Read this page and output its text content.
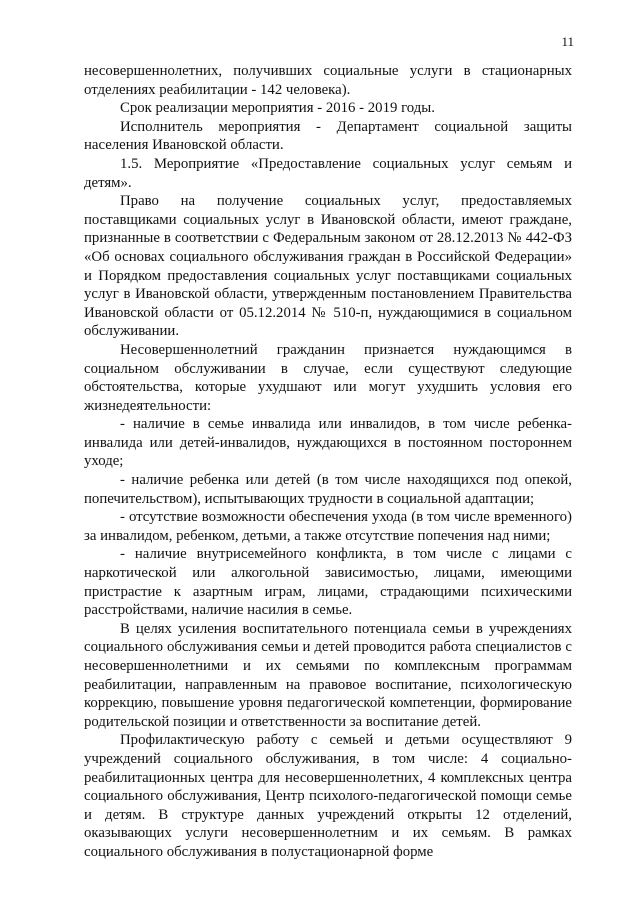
11

несовершеннолетних, получивших социальные услуги в стационарных отделениях реабилитации - 142 человека).

Срок реализации мероприятия - 2016 - 2019 годы.

Исполнитель мероприятия - Департамент социальной защиты населения Ивановской области.

1.5. Мероприятие «Предоставление социальных услуг семьям и детям».

Право на получение социальных услуг, предоставляемых поставщиками социальных услуг в Ивановской области, имеют граждане, признанные в соответствии с Федеральным законом от 28.12.2013 № 442-ФЗ «Об основах социального обслуживания граждан в Российской Федерации» и Порядком предоставления социальных услуг поставщиками социальных услуг в Ивановской области, утвержденным постановлением Правительства Ивановской области от 05.12.2014 № 510-п, нуждающимися в социальном обслуживании.

Несовершеннолетний гражданин признается нуждающимся в социальном обслуживании в случае, если существуют следующие обстоятельства, которые ухудшают или могут ухудшить условия его жизнедеятельности:

- наличие в семье инвалида или инвалидов, в том числе ребенка-инвалида или детей-инвалидов, нуждающихся в постоянном постороннем уходе;

- наличие ребенка или детей (в том числе находящихся под опекой, попечительством), испытывающих трудности в социальной адаптации;

- отсутствие возможности обеспечения ухода (в том числе временного) за инвалидом, ребенком, детьми, а также отсутствие попечения над ними;

- наличие внутрисемейного конфликта, в том числе с лицами с наркотической или алкогольной зависимостью, лицами, имеющими пристрастие к азартным играм, лицами, страдающими психическими расстройствами, наличие насилия в семье.

В целях усиления воспитательного потенциала семьи в учреждениях социального обслуживания семьи и детей проводится работа специалистов с несовершеннолетними и их семьями по комплексным программам реабилитации, направленным на правовое воспитание, психологическую коррекцию, повышение уровня педагогической компетенции, формирование родительской позиции и ответственности за воспитание детей.

Профилактическую работу с семьей и детьми осуществляют 9 учреждений социального обслуживания, в том числе: 4 социально-реабилитационных центра для несовершеннолетних, 4 комплексных центра социального обслуживания, Центр психолого-педагогической помощи семье и детям. В структуре данных учреждений открыты 12 отделений, оказывающих услуги несовершеннолетним и их семьям. В рамках социального обслуживания в полустационарной форме
